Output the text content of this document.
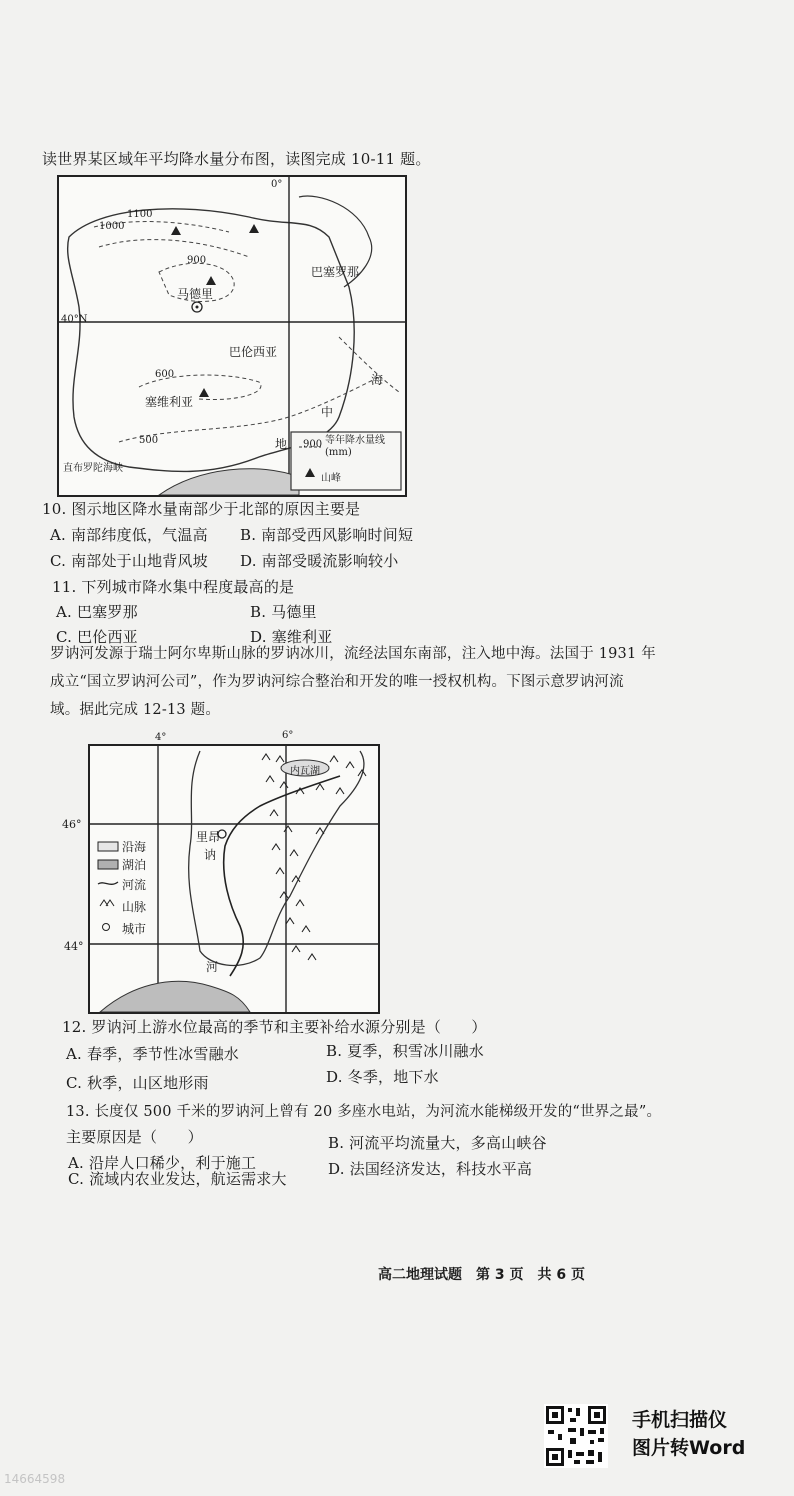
读世界某区域年平均降水量分布图，读图完成 10-11 题。
0°
40°N
1100
1000
900
600
500
巴塞罗那
马德里
巴伦西亚
塞维利亚
海
中
地 900 等年降水量线(mm)
山峰
直布罗陀海峡
10. 图示地区降水量南部少于北部的原因主要是
A. 南部纬度低，气温高 B. 南部受西风影响时间短
C. 南部处于山地背风坡 D. 南部受暖流影响较小
11. 下列城市降水集中程度最高的是
A. 巴塞罗那	B. 马德里
C. 巴伦西亚	D. 塞维利亚
罗讷河发源于瑞士阿尔卑斯山脉的罗讷冰川，流经法国东南部，注入地中海。法国于 1931 年
成立“国立罗讷河公司”，作为罗讷河综合整治和开发的唯一授权机构。下图示意罗讷河流
域。据此完成 12-13 题。
4°	6°
46°
44°
里昂
讷
河
内瓦湖
沿海
湖泊
河流
山脉
城市
12. 罗讷河上游水位最高的季节和主要补给水源分别是（　　）
A. 春季，季节性冰雪融水	B. 夏季，积雪冰川融水
C. 秋季，山区地形雨	D. 冬季，地下水
13. 长度仅 500 千米的罗讷河上曾有 20 多座水电站，为河流水能梯级开发的“世界之最”。
主要原因是（　　）
A. 沿岸人口稀少，利于施工
B. 河流平均流量大，多高山峡谷
C. 流域内农业发达，航运需求大
D. 法国经济发达，科技水平高
高二地理试题　第 3 页　共 6 页
手机扫描仪
图片转Word
14664598
